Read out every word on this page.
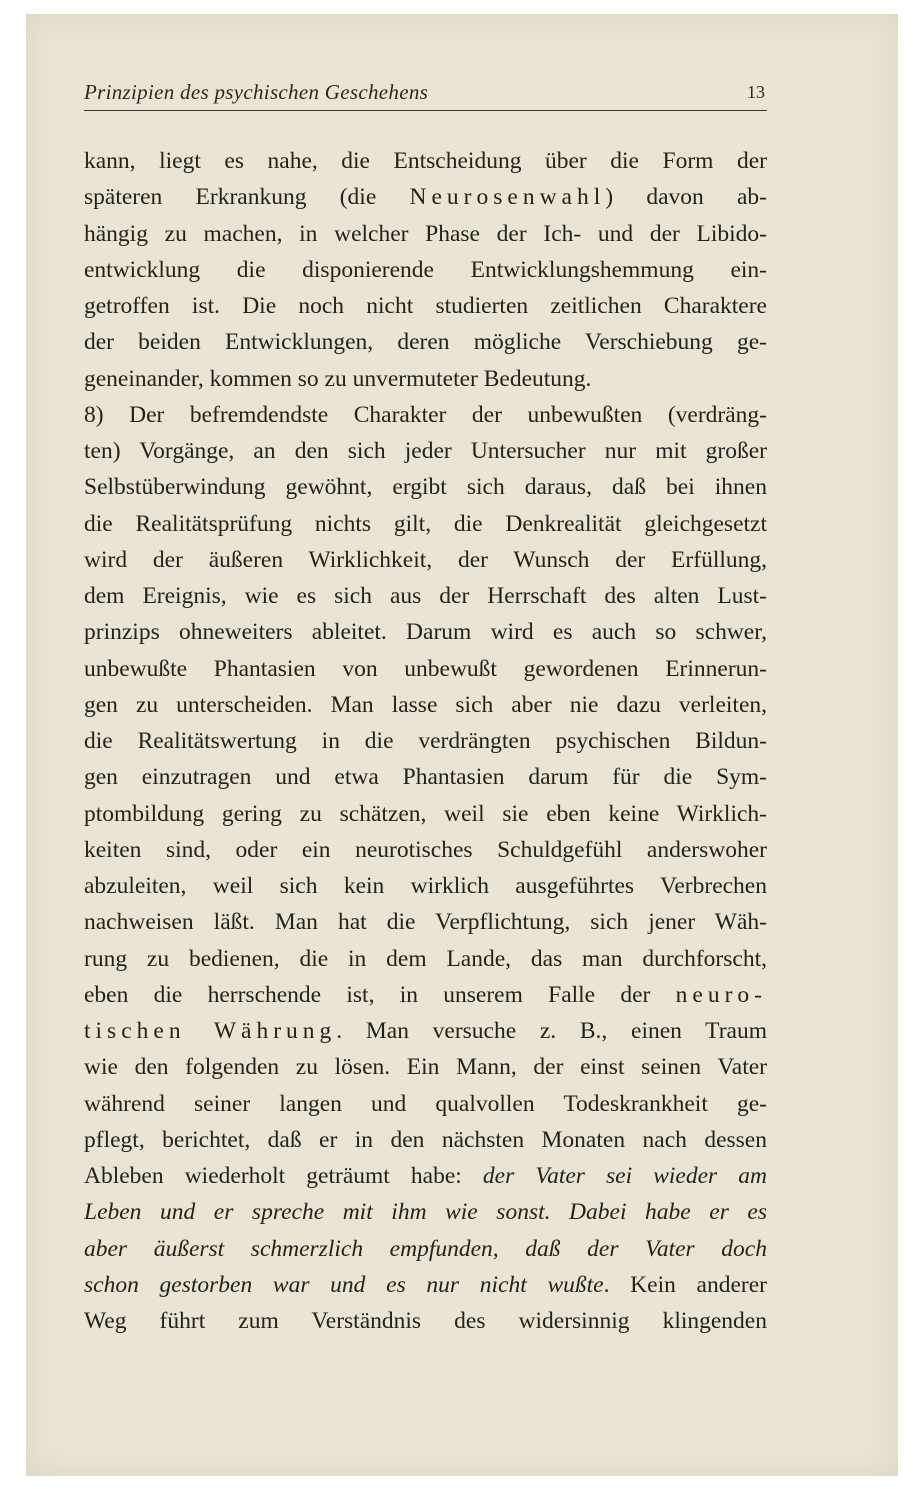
Prinzipien des psychischen Geschehens	13
kann, liegt es nahe, die Entscheidung über die Form der
späteren Erkrankung (die Neurosenwahl) davon ab-
hängig zu machen, in welcher Phase der Ich- und der Libido-
entwicklung die disponierende Entwicklungshemmung ein-
getroffen ist. Die noch nicht studierten zeitlichen Charaktere
der beiden Entwicklungen, deren mögliche Verschiebung ge-
geneinander, kommen so zu unvermuteter Bedeutung.
8) Der befremdendste Charakter der unbewußten (verdräng-
ten) Vorgänge, an den sich jeder Untersucher nur mit großer
Selbstüberwindung gewöhnt, ergibt sich daraus, daß bei ihnen
die Realitätsprüfung nichts gilt, die Denkrealität gleichgesetzt
wird der äußeren Wirklichkeit, der Wunsch der Erfüllung,
dem Ereignis, wie es sich aus der Herrschaft des alten Lust-
prinzips ohneweiters ableitet. Darum wird es auch so schwer,
unbewußte Phantasien von unbewußt gewordenen Erinnerun-
gen zu unterscheiden. Man lasse sich aber nie dazu verleiten,
die Realitätswertung in die verdrängten psychischen Bildun-
gen einzutragen und etwa Phantasien darum für die Sym-
ptombildung gering zu schätzen, weil sie eben keine Wirklich-
keiten sind, oder ein neurotisches Schuldgefühl anderswoher
abzuleiten, weil sich kein wirklich ausgeführtes Verbrechen
nachweisen läßt. Man hat die Verpflichtung, sich jener Wäh-
rung zu bedienen, die in dem Lande, das man durchforscht,
eben die herrschende ist, in unserem Falle der neuro-
tischen Währung. Man versuche z. B., einen Traum
wie den folgenden zu lösen. Ein Mann, der einst seinen Vater
während seiner langen und qualvollen Todeskrankheit ge-
pflegt, berichtet, daß er in den nächsten Monaten nach dessen
Ableben wiederholt geträumt habe: der Vater sei wieder am
Leben und er spreche mit ihm wie sonst. Dabei habe er es
aber äußerst schmerzlich empfunden, daß der Vater doch
schon gestorben war und es nur nicht wußte. Kein anderer
Weg führt zum Verständnis des widersinnig klingenden
